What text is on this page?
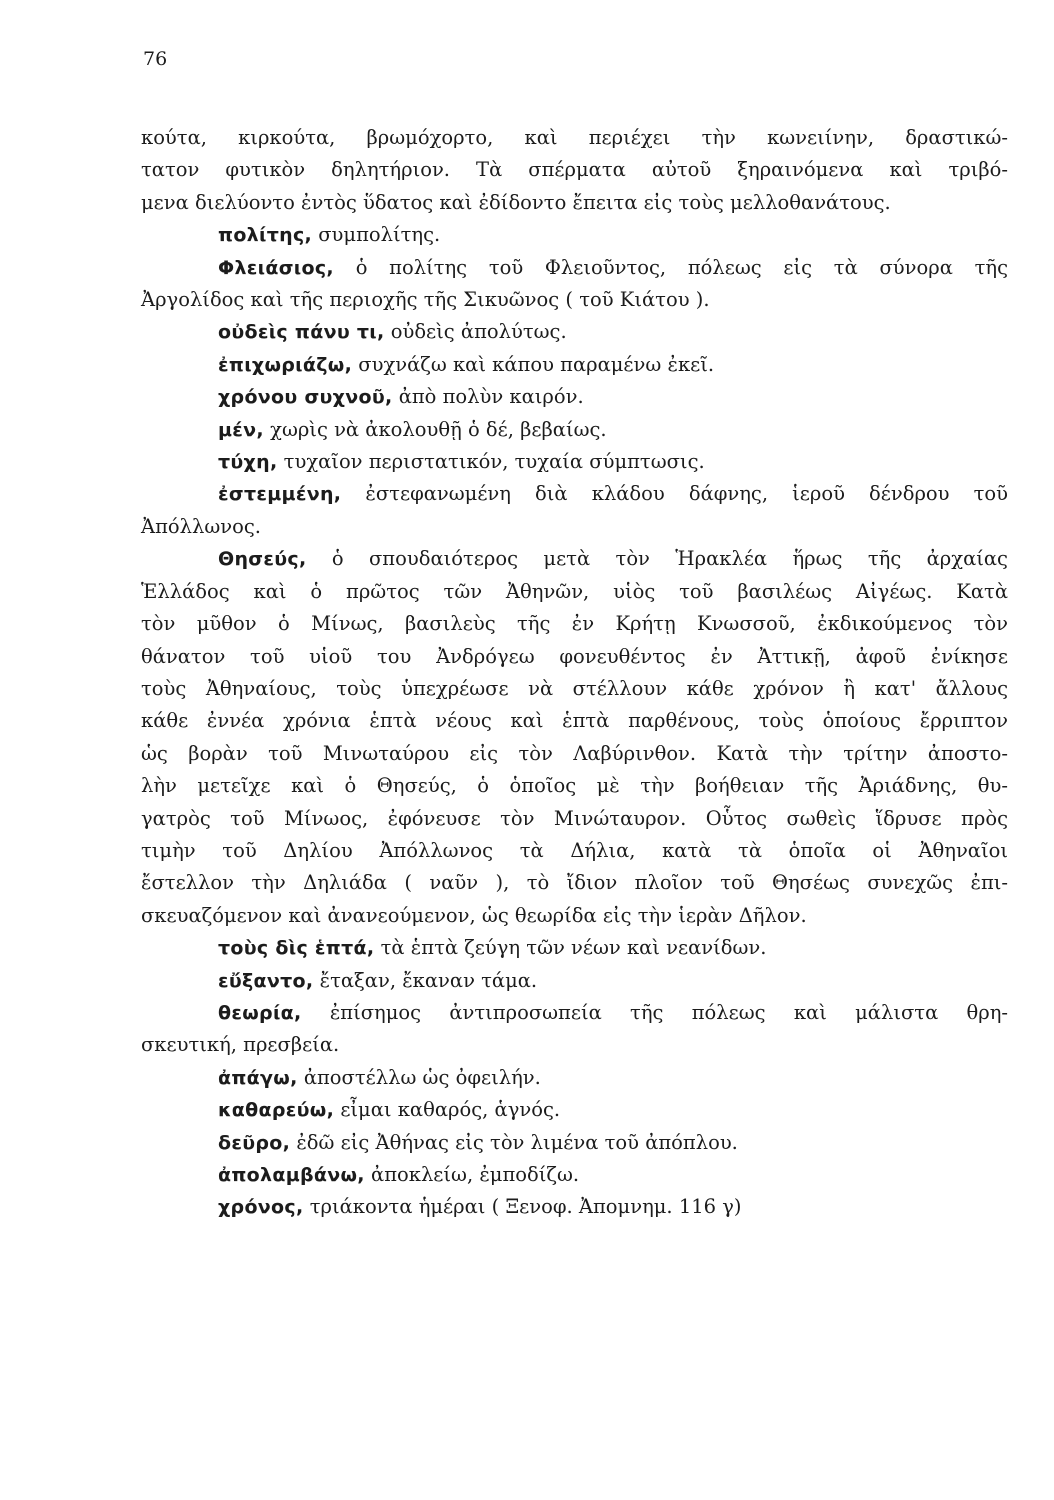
76

κούτα, κιρκούτα, βρωμόχορτο, καὶ περιέχει τὴν κωνειίνην, δραστικώ-
τατον φυτικὸν δηλητήριον. Τὰ σπέρματα αὐτοῦ ξηραινόμενα καὶ τριβό-
μενα διελύοντο ἐντὸς ὕδατος καὶ ἐδίδοντο ἔπειτα εἰς τοὺς μελλοθανάτους.

πολίτης, συμπολίτης.
Φλειάσιος, ὁ πολίτης τοῦ Φλειοῦντος, πόλεως εἰς τὰ σύνορα τῆς
Ἀργολίδος καὶ τῆς περιοχῆς τῆς Σικυῶνος ( τοῦ Κιάτου ).
οὐδεὶς πάνυ τι, οὐδεὶς ἀπολύτως.
ἐπιχωριάζω, συχνάζω καὶ κάπου παραμένω ἐκεῖ.
χρόνου συχνοῦ, ἀπὸ πολὺν καιρόν.
μέν, χωρὶς νὰ ἀκολουθῇ ὁ δέ, βεβαίως.
τύχη, τυχαῖον περιστατικόν, τυχαία σύμπτωσις.
ἐστεμμένη, ἐστεφανωμένη διὰ κλάδου δάφνης, ἱεροῦ δένδρου τοῦ
Ἀπόλλωνος.
Θησεύς, ὁ σπουδαιότερος μετὰ τὸν Ἡρακλέα ἥρως τῆς ἀρχαίας
Ἑλλάδος καὶ ὁ πρῶτος τῶν Ἀθηνῶν, υἱὸς τοῦ βασιλέως Αἰγέως. Κατὰ
τὸν μῦθον ὁ Μίνως, βασιλεὺς τῆς ἐν Κρήτῃ Κνωσσοῦ, ἐκδικούμενος τὸν
θάνατον τοῦ υἱοῦ του Ἀνδρόγεω φονευθέντος ἐν Ἀττικῇ, ἀφοῦ ἐνίκησε
τοὺς Ἀθηναίους, τοὺς ὑπεχρέωσε νὰ στέλλουν κάθε χρόνον ἢ κατ' ἄλλους
κάθε ἐννέα χρόνια ἑπτὰ νέους καὶ ἑπτὰ παρθένους, τοὺς ὁποίους ἔρριπτον
ὡς βορὰν τοῦ Μινωταύρου εἰς τὸν Λαβύρινθον. Κατὰ τὴν τρίτην ἀποστο-
λὴν μετεῖχε καὶ ὁ Θησεύς, ὁ ὁποῖος μὲ τὴν βοήθειαν τῆς Ἀριάδνης, θυ-
γατρὸς τοῦ Μίνωος, ἐφόνευσε τὸν Μινώταυρον. Οὗτος σωθεὶς ἵδρυσε πρὸς
τιμὴν τοῦ Δηλίου Ἀπόλλωνος τὰ Δήλια, κατὰ τὰ ὁποῖα οἱ Ἀθηναῖοι
ἔστελλον τὴν Δηλιάδα ( ναῦν ), τὸ ἴδιον πλοῖον τοῦ Θησέως συνεχῶς ἐπι-
σκευαζόμενον καὶ ἀνανεούμενον, ὡς θεωρίδα εἰς τὴν ἱερὰν Δῆλον.
τοὺς δὶς ἑπτά, τὰ ἑπτὰ ζεύγη τῶν νέων καὶ νεανίδων.
εὔξαντο, ἔταξαν, ἔκαναν τάμα.
θεωρία, ἐπίσημος ἀντιπροσωπεία τῆς πόλεως καὶ μάλιστα θρη-
σκευτική, πρεσβεία.
ἀπάγω, ἀποστέλλω ὡς ὀφειλήν.
καθαρεύω, εἶμαι καθαρός, ἁγνός.
δεῦρο, ἐδῶ εἰς Ἀθήνας εἰς τὸν λιμένα τοῦ ἀπόπλου.
ἀπολαμβάνω, ἀποκλείω, ἐμποδίζω.
χρόνος, τριάκοντα ἡμέραι ( Ξενοφ. Ἀπομνημ. 116 γ)
